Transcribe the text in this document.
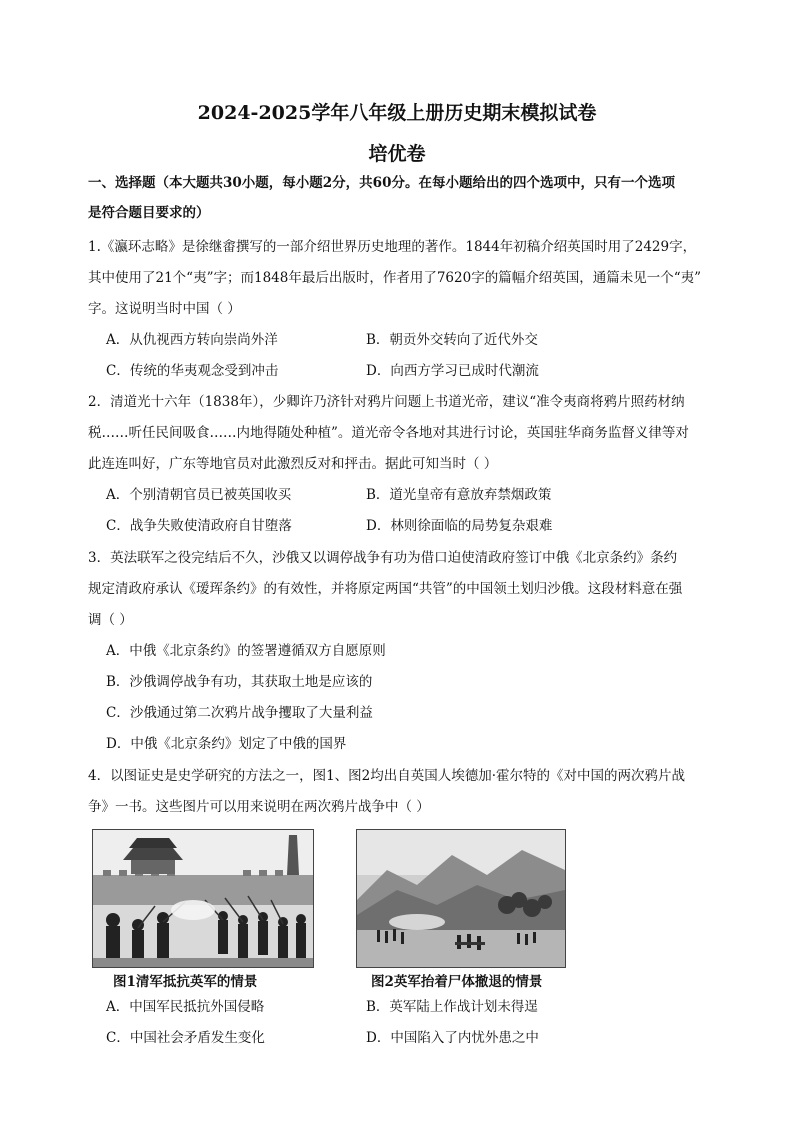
2024-2025学年八年级上册历史期末模拟试卷
培优卷
一、选择题（本大题共30小题，每小题2分，共60分。在每小题给出的四个选项中，只有一个选项
是符合题目要求的）
1.《瀛环志略》是徐继畬撰写的一部介绍世界历史地理的著作。1844年初稿介绍英国时用了2429字，
其中使用了21个“夷”字；而1848年最后出版时，作者用了7620字的篇幅介绍英国，通篇未见一个“夷”
字。这说明当时中国（ ）
A．从仇视西方转向崇尚外洋	B．朝贡外交转向了近代外交
C．传统的华夷观念受到冲击	D．向西方学习已成时代潮流
2．清道光十六年（1838年），少卿许乃济针对鸦片问题上书道光帝，建议“准令夷商将鸦片照药材纳
税……听任民间吸食……内地得随处种植”。道光帝令各地对其进行讨论，英国驻华商务监督义律等对
此连连叫好，广东等地官员对此激烈反对和抨击。据此可知当时（ ）
A．个别清朝官员已被英国收买	B．道光皇帝有意放弃禁烟政策
C．战争失败使清政府自甘堕落	D．林则徐面临的局势复杂艰难
3．英法联军之役完结后不久，沙俄又以调停战争有功为借口迫使清政府签订中俄《北京条约》条约
规定清政府承认《瑷珲条约》的有效性，并将原定两国“共管”的中国领土划归沙俄。这段材料意在强
调（ ）
A．中俄《北京条约》的签署遵循双方自愿原则
B．沙俄调停战争有功，其获取土地是应该的
C．沙俄通过第二次鸦片战争攫取了大量利益
D．中俄《北京条约》划定了中俄的国界
4．以图证史是史学研究的方法之一，图1、图2均出自英国人埃德加·霍尔特的《对中国的两次鸦片战
争》一书。这些图片可以用来说明在两次鸦片战争中（ ）
图1清军抵抗英军的情景	图2英军抬着尸体撤退的情景
A．中国军民抵抗外国侵略	B．英军陆上作战计划未得逞
C．中国社会矛盾发生变化	D．中国陷入了内忧外患之中
